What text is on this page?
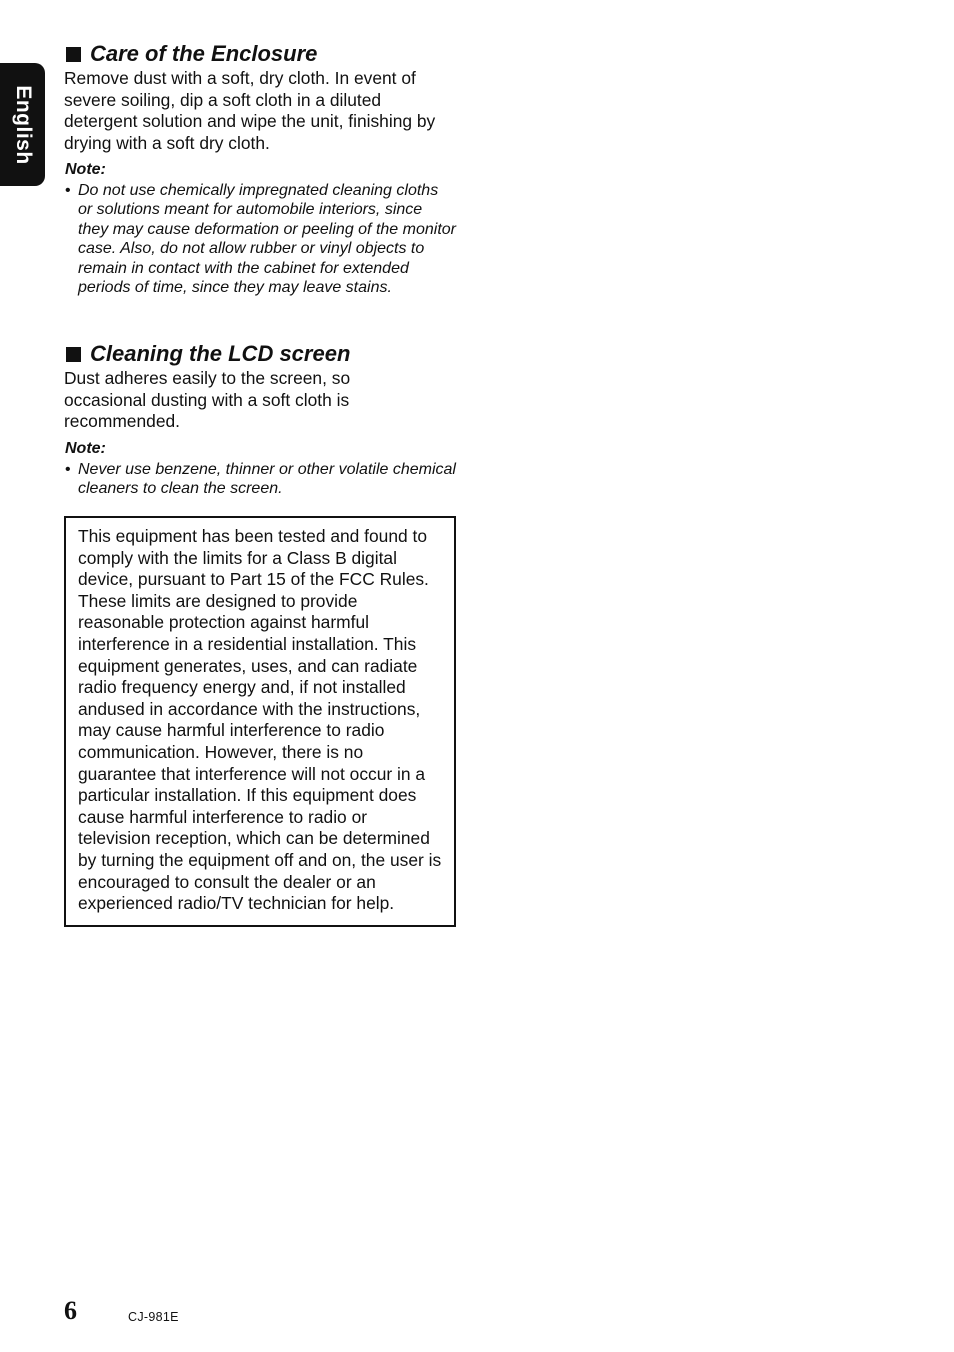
English
Care of the Enclosure

Remove dust with a soft, dry cloth. In event of severe soiling, dip a soft cloth in a diluted detergent solution and wipe the unit, finishing by drying with a soft dry cloth.

Note:

• Do not use chemically impregnated cleaning cloths or solutions meant for automobile interiors, since they may cause deformation or peeling of the monitor case. Also, do not allow rubber or vinyl objects to remain in contact with the cabinet for extended periods of time, since they may leave stains.

Cleaning the LCD screen

Dust adheres easily to the screen, so occasional dusting with a soft cloth is recommended.

Note:

• Never use benzene, thinner or other volatile chemical cleaners to clean the screen.

This equipment has been tested and found to comply with the limits for a Class B digital device, pursuant to Part 15 of the FCC Rules. These limits are designed to provide reasonable protection against harmful interference in a residential installation. This equipment generates, uses, and can radiate radio frequency energy and, if not installed andused in accordance with the instructions, may cause harmful interference to radio communication. However, there is no guarantee that interference will not occur in a particular installation. If this equipment does cause harmful interference to radio or television reception, which can be determined by turning the equipment off and on, the user is encouraged to consult the dealer or an experienced radio/TV technician for help.
6	CJ-981E
